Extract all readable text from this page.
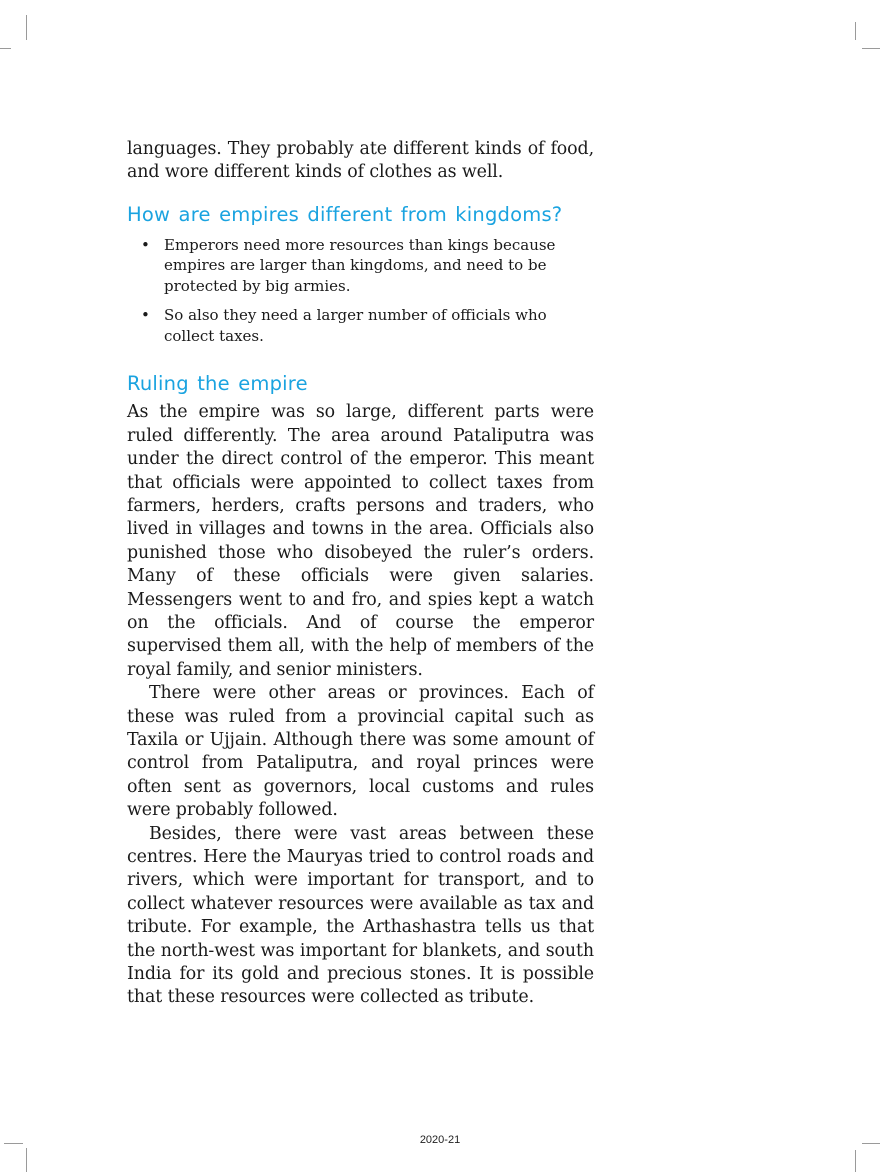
languages. They probably ate different kinds of food, and wore different kinds of clothes as well.

How are empires different from kingdoms?
• Emperors need more resources than kings because empires are larger than kingdoms, and need to be protected by big armies.
• So also they need a larger number of officials who collect taxes.
Ruling the empire

As the empire was so large, different parts were ruled differently. The area around Pataliputra was under the direct control of the emperor. This meant that officials were appointed to collect taxes from farmers, herders, crafts persons and traders, who lived in villages and towns in the area. Officials also punished those who disobeyed the ruler’s orders. Many of these officials were given salaries. Messengers went to and fro, and spies kept a watch on the officials. And of course the emperor supervised them all, with the help of members of the royal family, and senior ministers.

There were other areas or provinces. Each of these was ruled from a provincial capital such as Taxila or Ujjain. Although there was some amount of control from Pataliputra, and royal princes were often sent as governors, local customs and rules were probably followed.

Besides, there were vast areas between these centres. Here the Mauryas tried to control roads and rivers, which were important for transport, and to collect whatever resources were available as tax and tribute. For example, the Arthashastra tells us that the north-west was important for blankets, and south India for its gold and precious stones. It is possible that these resources were collected as tribute.

2020-21
